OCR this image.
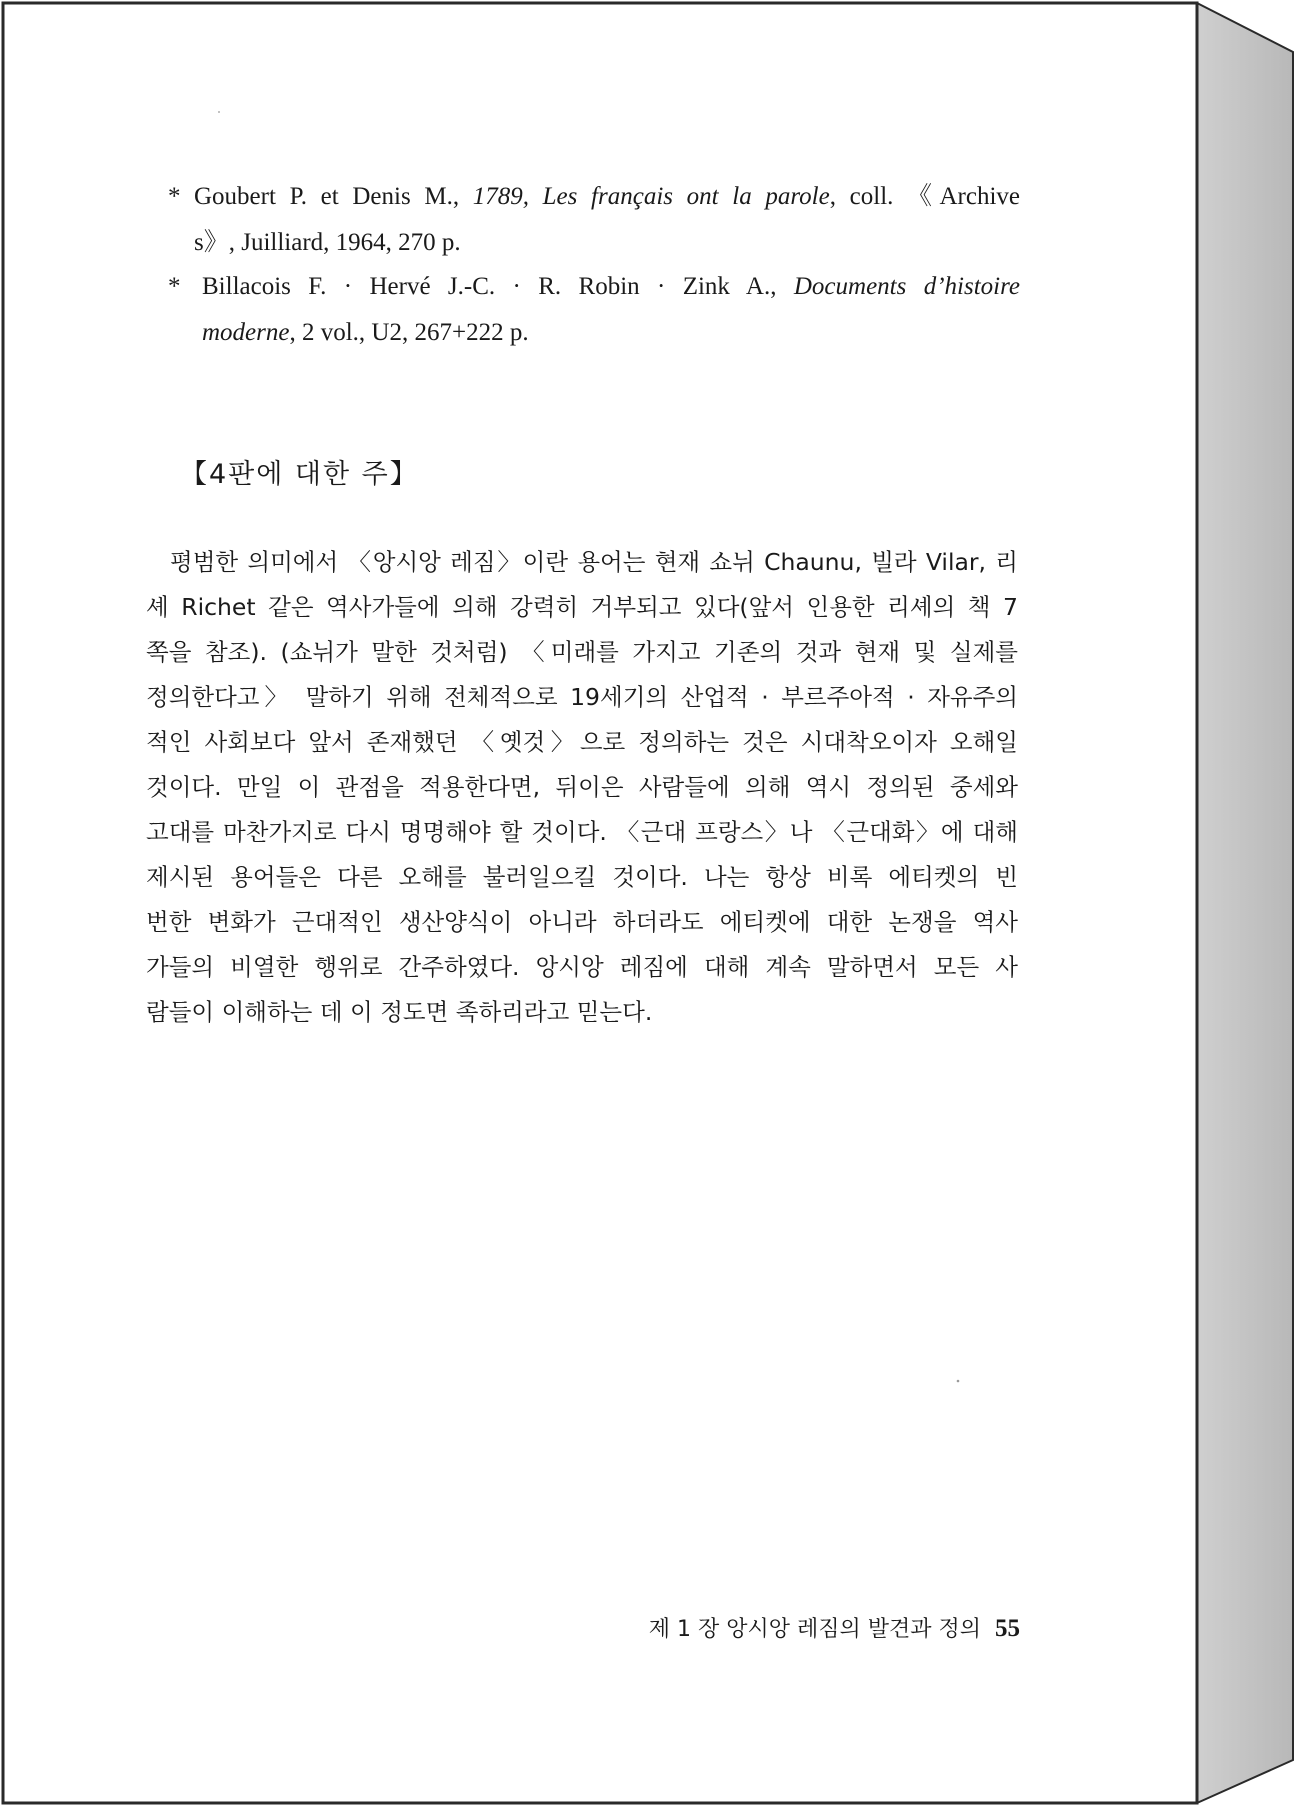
* Goubert P. et Denis M., 1789, Les français ont la parole, coll. 《Archive
s》, Juilliard, 1964, 270 p.
* Billacois F. · Hervé J.-C. · R. Robin · Zink A., Documents d’histoire
moderne, 2 vol., U2, 267+222 p.
【4판에 대한 주】

평범한 의미에서 〈앙시앙 레짐〉이란 용어는 현재 쇼뉘 Chaunu, 빌라 Vilar, 리

셰 Richet 같은 역사가들에 의해 강력히 거부되고 있다(앞서 인용한 리셰의 책 7

쪽을 참조). (쇼뉘가 말한 것처럼) 〈미래를 가지고 기존의 것과 현재 및 실제를

정의한다고〉 말하기 위해 전체적으로 19세기의 산업적 · 부르주아적 · 자유주의

적인 사회보다 앞서 존재했던 〈옛것〉으로 정의하는 것은 시대착오이자 오해일

것이다. 만일 이 관점을 적용한다면, 뒤이은 사람들에 의해 역시 정의된 중세와

고대를 마찬가지로 다시 명명해야 할 것이다. 〈근대 프랑스〉나 〈근대화〉에 대해

제시된 용어들은 다른 오해를 불러일으킬 것이다. 나는 항상 비록 에티켓의 빈

번한 변화가 근대적인 생산양식이 아니라 하더라도 에티켓에 대한 논쟁을 역사

가들의 비열한 행위로 간주하였다. 앙시앙 레짐에 대해 계속 말하면서 모든 사

람들이 이해하는 데 이 정도면 족하리라고 믿는다.

제 1 장 앙시앙 레짐의 발견과 정의 55
